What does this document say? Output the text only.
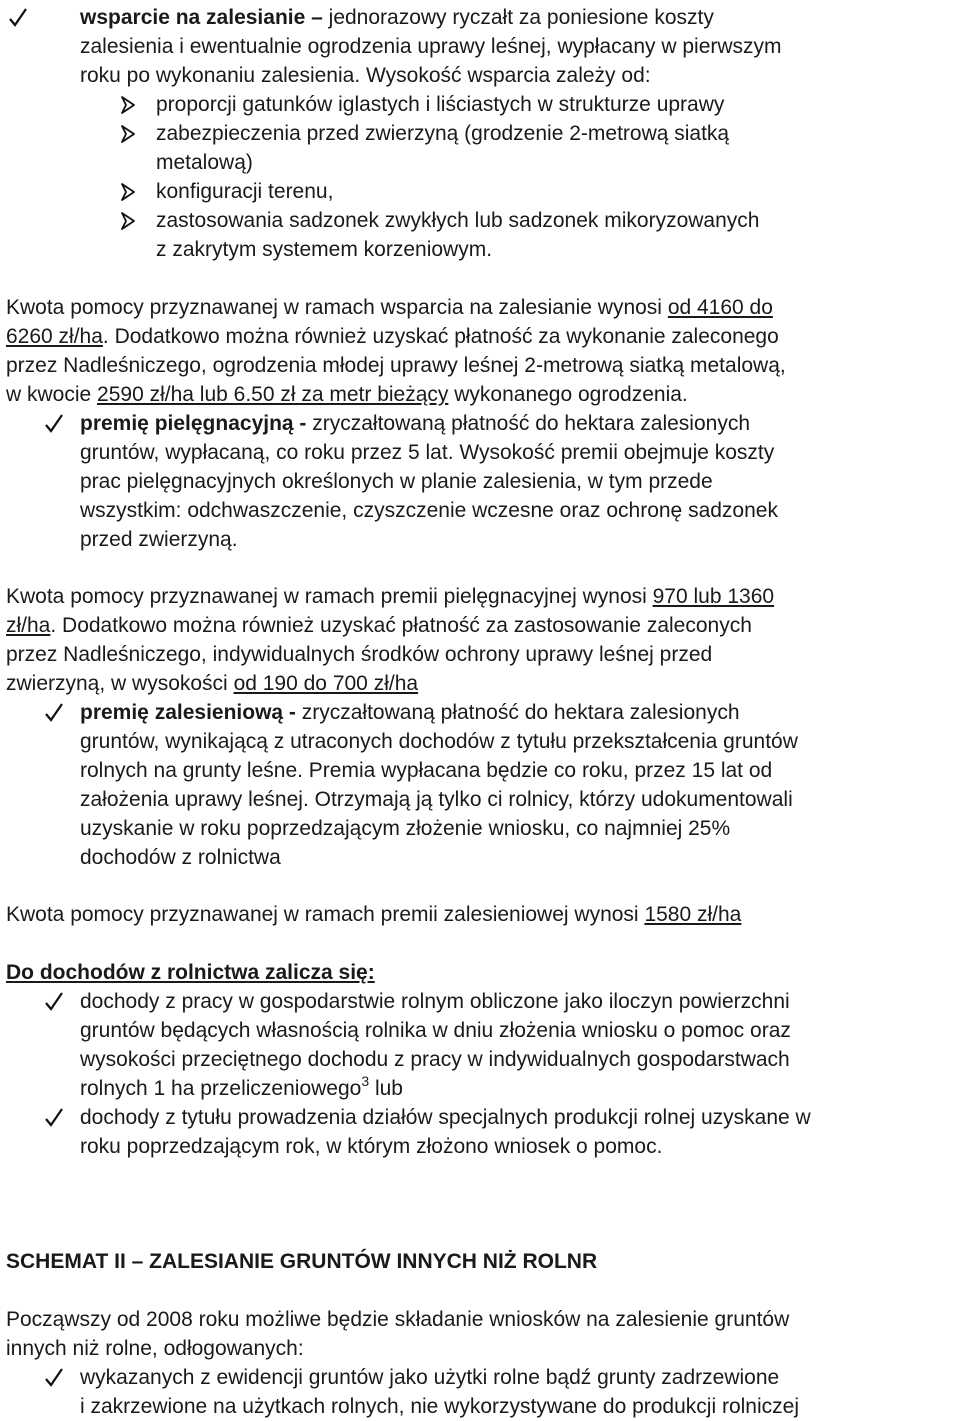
wsparcie na zalesianie – jednorazowy ryczałt za poniesione koszty
zalesienia i ewentualnie ogrodzenia uprawy leśnej, wypłacany w pierwszym
roku po wykonaniu zalesienia. Wysokość wsparcia zależy od:
proporcji gatunków iglastych i liściastych w strukturze uprawy
zabezpieczenia przed zwierzyną (grodzenie 2-metrową siatką
metalową)
konfiguracji terenu,
zastosowania sadzonek zwykłych lub sadzonek mikoryzowanych
z zakrytym systemem korzeniowym.
Kwota pomocy przyznawanej w ramach wsparcia na zalesianie wynosi od 4160 do
6260 zł/ha. Dodatkowo można również uzyskać płatność za wykonanie zaleconego
przez Nadleśniczego, ogrodzenia młodej uprawy leśnej 2-metrową siatką metalową,
w kwocie 2590 zł/ha lub 6.50 zł za metr bieżący wykonanego ogrodzenia.
premię pielęgnacyjną - zryczałtowaną płatność do hektara zalesionych
gruntów, wypłacaną, co roku przez 5 lat. Wysokość premii obejmuje koszty
prac pielęgnacyjnych określonych w planie zalesienia, w tym przede
wszystkim: odchwaszczenie, czyszczenie wczesne oraz ochronę sadzonek
przed zwierzyną.
Kwota pomocy przyznawanej w ramach premii pielęgnacyjnej wynosi 970 lub 1360
zł/ha. Dodatkowo można również uzyskać płatność za zastosowanie zaleconych
przez Nadleśniczego, indywidualnych środków ochrony uprawy leśnej przed
zwierzyną, w wysokości od 190 do 700 zł/ha
premię zalesieniową - zryczałtowaną płatność do hektara zalesionych
gruntów, wynikającą z utraconych dochodów z tytułu przekształcenia gruntów
rolnych na grunty leśne. Premia wypłacana będzie co roku, przez 15 lat od
założenia uprawy leśnej. Otrzymają ją tylko ci rolnicy, którzy udokumentowali
uzyskanie w roku poprzedzającym złożenie wniosku, co najmniej 25%
dochodów z rolnictwa
Kwota pomocy przyznawanej w ramach premii zalesieniowej wynosi 1580 zł/ha
Do dochodów z rolnictwa zalicza się:
dochody z pracy w gospodarstwie rolnym obliczone jako iloczyn powierzchni
gruntów będących własnością rolnika w dniu złożenia wniosku o pomoc oraz
wysokości przeciętnego dochodu z pracy w indywidualnych gospodarstwach
rolnych 1 ha przeliczeniowego$^3$ lub
dochody z tytułu prowadzenia działów specjalnych produkcji rolnej uzyskane w
roku poprzedzającym rok, w którym złożono wniosek o pomoc.
SCHEMAT II – ZALESIANIE GRUNTÓW INNYCH NIŻ ROLNR
Począwszy od 2008 roku możliwe będzie składanie wniosków na zalesienie gruntów
innych niż rolne, odłogowanych:
wykazanych z ewidencji gruntów jako użytki rolne bądź grunty zadrzewione
i zakrzewione na użytkach rolnych, nie wykorzystywane do produkcji rolniczej
